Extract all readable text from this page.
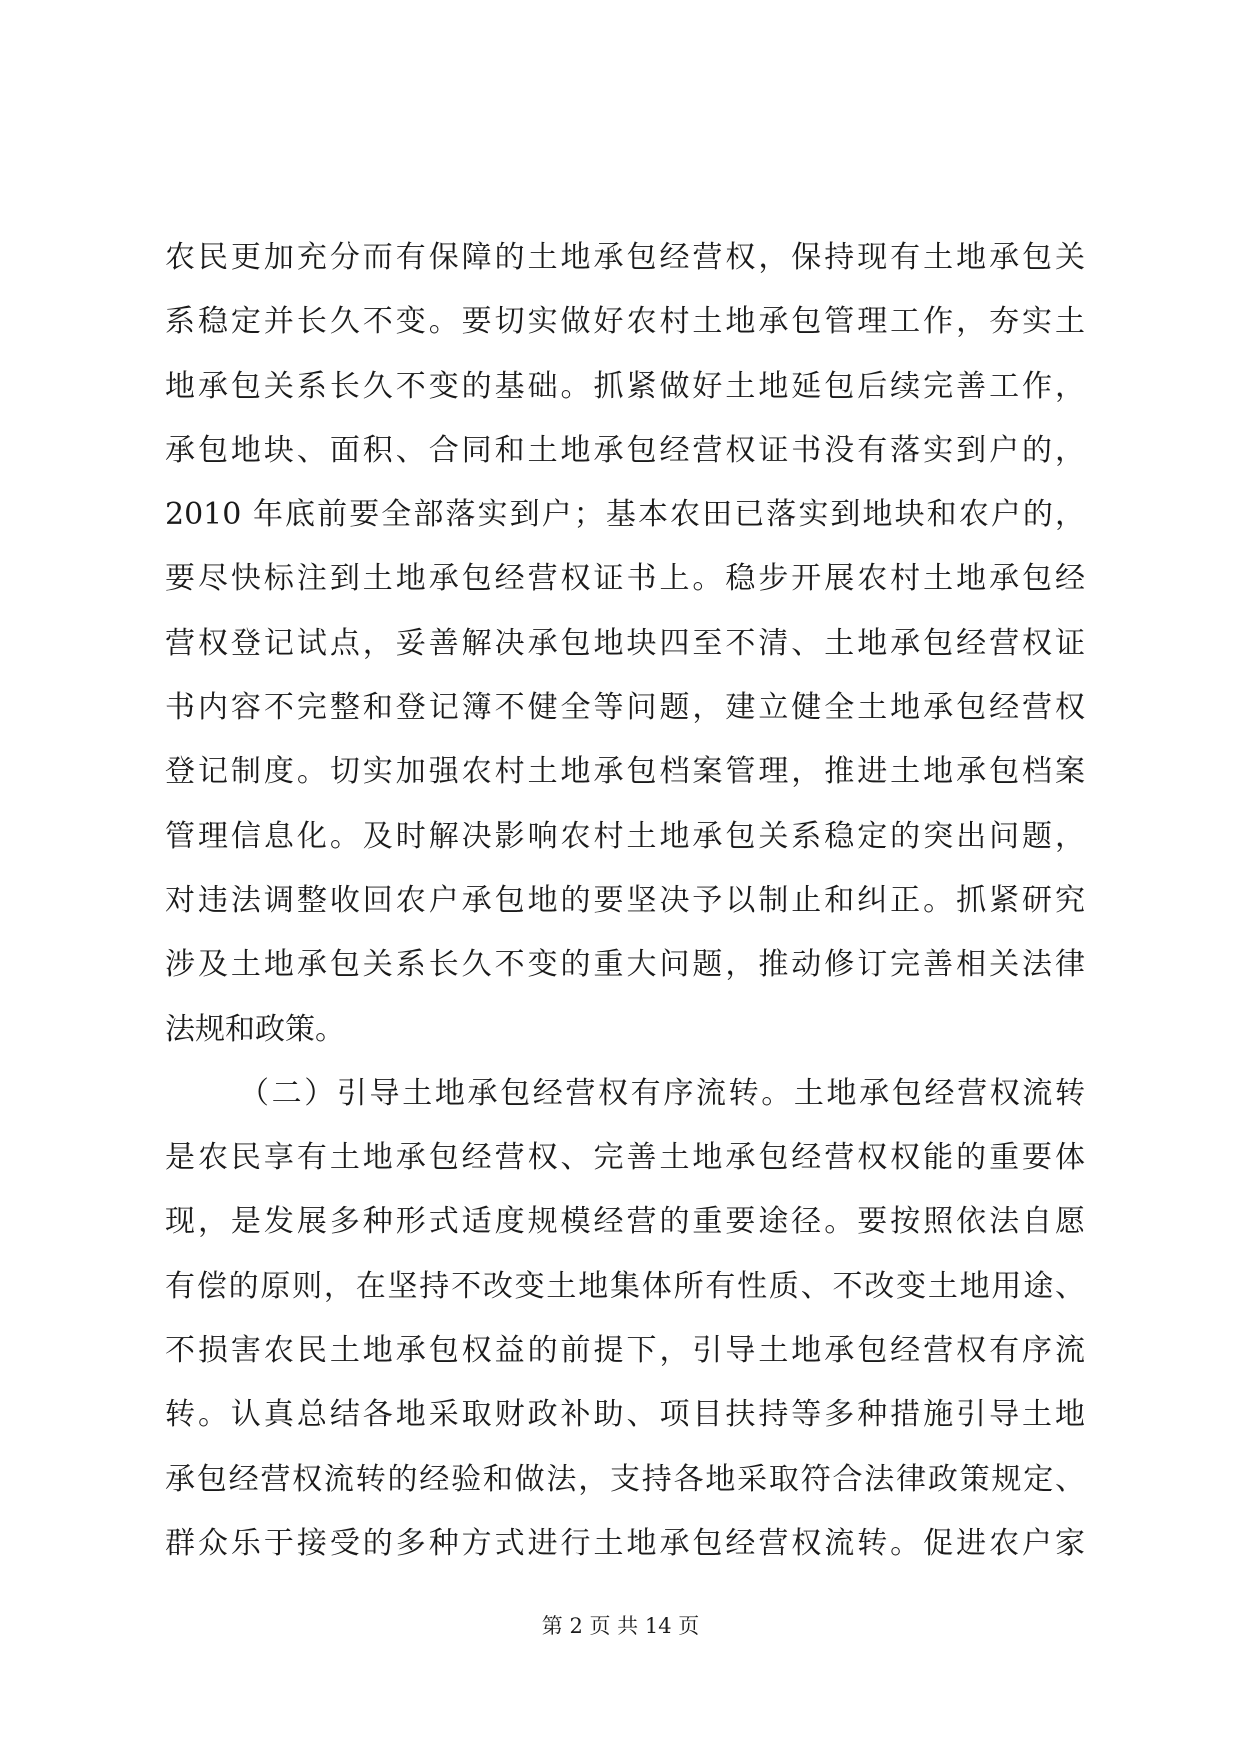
农民更加充分而有保障的土地承包经营权，保持现有土地承包关
系稳定并长久不变。要切实做好农村土地承包管理工作，夯实土
地承包关系长久不变的基础。抓紧做好土地延包后续完善工作，
承包地块、面积、合同和土地承包经营权证书没有落实到户的，
2010 年底前要全部落实到户；基本农田已落实到地块和农户的，
要尽快标注到土地承包经营权证书上。稳步开展农村土地承包经
营权登记试点，妥善解决承包地块四至不清、土地承包经营权证
书内容不完整和登记簿不健全等问题，建立健全土地承包经营权
登记制度。切实加强农村土地承包档案管理，推进土地承包档案
管理信息化。及时解决影响农村土地承包关系稳定的突出问题，
对违法调整收回农户承包地的要坚决予以制止和纠正。抓紧研究
涉及土地承包关系长久不变的重大问题，推动修订完善相关法律
法规和政策。
（二）引导土地承包经营权有序流转。土地承包经营权流转
是农民享有土地承包经营权、完善土地承包经营权权能的重要体
现，是发展多种形式适度规模经营的重要途径。要按照依法自愿
有偿的原则，在坚持不改变土地集体所有性质、不改变土地用途、
不损害农民土地承包权益的前提下，引导土地承包经营权有序流
转。认真总结各地采取财政补助、项目扶持等多种措施引导土地
承包经营权流转的经验和做法，支持各地采取符合法律政策规定、
群众乐于接受的多种方式进行土地承包经营权流转。促进农户家
第 2 页 共 14 页
